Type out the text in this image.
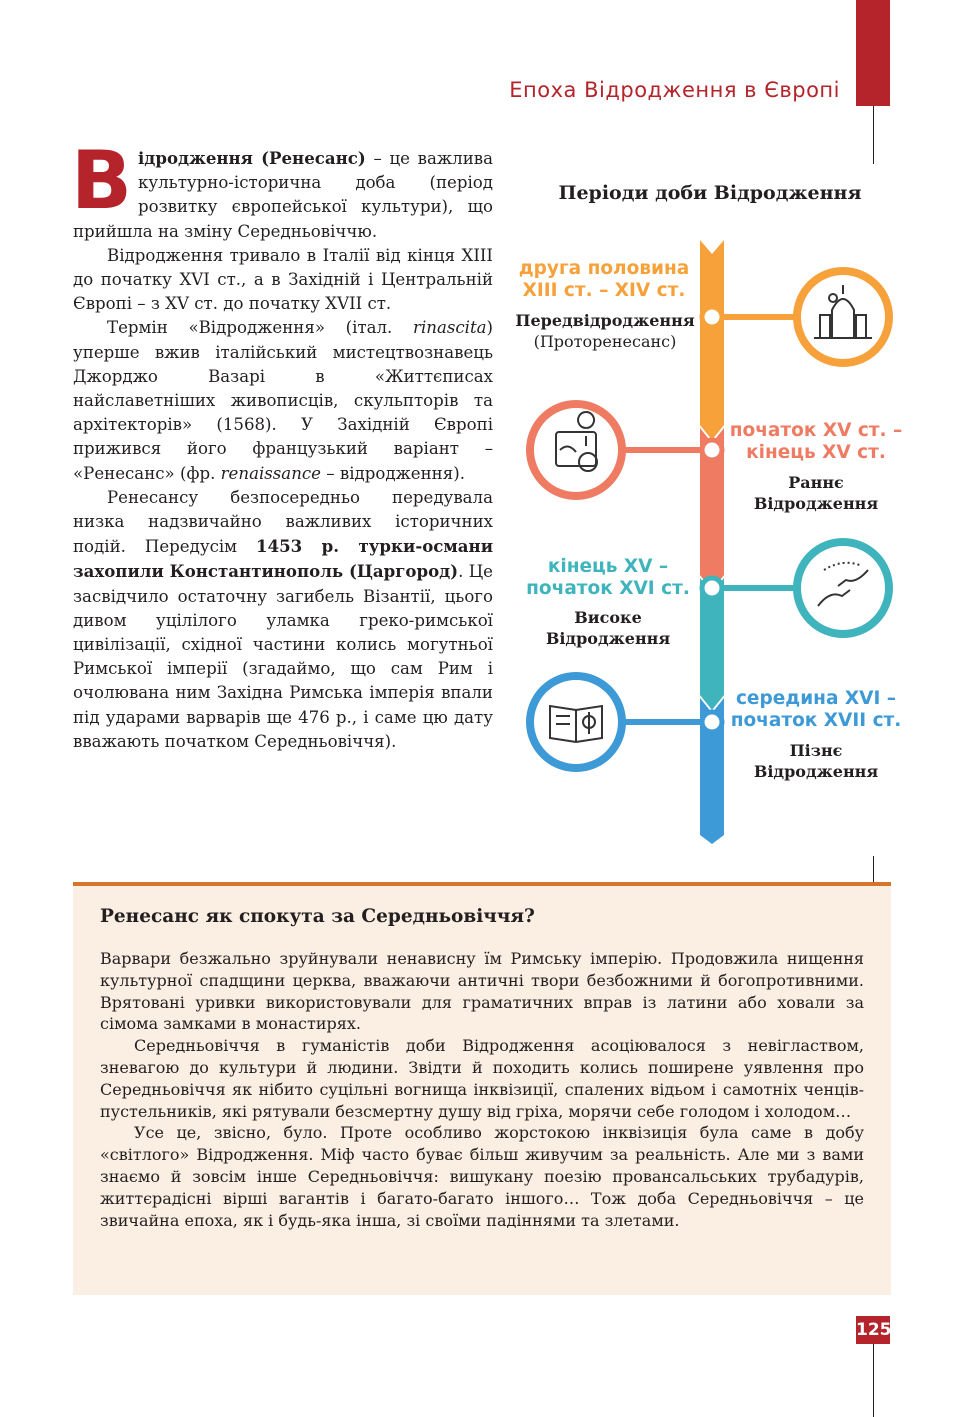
Епоха Відродження в Європі

Відродження (Ренесанс) – це важлива культурно-історична доба (період розвитку європейської культури), що прийшла на зміну Середньовіччю.

Відродження тривало в Італії від кінця XIII до початку XVI ст., а в Західній і Центральній Європі – з XV ст. до початку XVII ст.

Термін «Відродження» (італ. rinascita) уперше вжив італійський мистецтвознавець Джорджо Вазарі в «Життєписах найславетніших живописців, скульпторів та архітекторів» (1568). У Західній Європі прижився його французький варіант – «Ренесанс» (фр. renaissance – відродження).

Ренесансу безпосередньо передувала низка надзвичайно важливих історичних подій. Передусім 1453 р. турки-османи захопили Константинополь (Царгород). Це засвідчило остаточну загибель Візантії, цього дивом уцілілого уламка греко-римської цивілізації, східної частини колись могутньої Римської імперії (згадаймо, що сам Рим і очолювана ним Західна Римська імперія впали під ударами варварів ще 476 р., і саме цю дату вважають початком Середньовіччя).

Періоди доби Відродження
друга половина
XIII ст. – XIV ст.
Передвідродження
(Проторенесанс)
початок XV ст. –
кінець XV ст.
Раннє
Відродження
кінець XV –
початок XVI ст.
Високе
Відродження
середина XVI –
початок XVII ст.
Пізнє
Відродження
Ренесанс як спокута за Середньовіччя?

Варвари безжально зруйнували ненависну їм Римську імперію. Продовжила нищення культурної спадщини церква, вважаючи античні твори безбожними й богопротивними. Врятовані уривки використовували для граматичних вправ із латини або ховали за сімома замками в монастирях.

Середньовіччя в гуманістів доби Відродження асоціювалося з невіглаством, зневагою до культури й людини. Звідти й походить колись поширене уявлення про Середньовіччя як нібито суцільні вогнища інквізиції, спалених відьом і самотніх ченців-пустельників, які рятували безсмертну душу від гріха, морячи себе голодом і холодом…

Усе це, звісно, було. Проте особливо жорстокою інквізиція була саме в добу «світлого» Відродження. Міф часто буває більш живучим за реальність. Але ми з вами знаємо й зовсім інше Середньовіччя: вишукану поезію провансальських трубадурів, життєрадісні вірші вагантів і багато-багато іншого… Тож доба Середньовіччя – це звичайна епоха, як і будь-яка інша, зі своїми падіннями та злетами.

125
